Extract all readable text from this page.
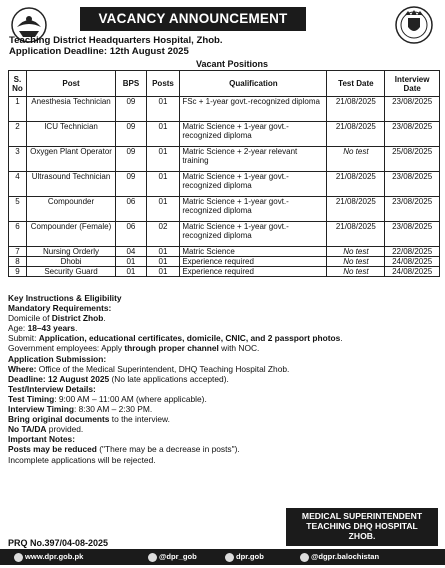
VACANCY ANNOUNCEMENT
Teaching District Headquarters Hospital, Zhob.
Application Deadline: 12th August 2025
Vacant Positions
S.
No	Post	BPS	Posts	Qualification	Test Date	Interview Date
1	Anesthesia Technician	09	01	FSc + 1-year govt.-recognized diploma	21/08/2025	23/08/2025
2	ICU Technician	09	01	Matric Science + 1-year govt.-recognized diploma	21/08/2025	23/08/2025
3	Oxygen Plant Operator	09	01	Matric Science + 2-year relevant training	No test	25/08/2025
4	Ultrasound Technician	09	01	Matric Science + 1-year govt.-recognized diploma	21/08/2025	23/08/2025
5	Compounder	06	01	Matric Science + 1-year govt.-recognized diploma	21/08/2025	23/08/2025
6	Compounder (Female)	06	02	Matric Science + 1-year govt.-recognized diploma	21/08/2025	23/08/2025
7	Nursing Orderly	04	01	Matric Science	No test	22/08/2025
8	Dhobi	01	01	Experience required	No test	24/08/2025
9	Security Guard	01	01	Experience required	No test	24/08/2025
Key Instructions & Eligibility
Mandatory Requirements:
Domicile of District Zhob.
Age: 18–43 years.
Submit: Application, educational certificates, domicile, CNIC, and 2 passport photos.
Government employees: Apply through proper channel with NOC.
Application Submission:
Where: Office of the Medical Superintendent, DHQ Teaching Hospital Zhob.
Deadline: 12 August 2025 (No late applications accepted).
Test/Interview Details:
Test Timing: 9:00 AM – 11:00 AM (where applicable).
Interview Timing: 8:30 AM – 2:30 PM.
Bring original documents to the interview.
No TA/DA provided.
Important Notes:
Posts may be reduced ("There may be a decrease in posts").
Incomplete applications will be rejected.
MEDICAL SUPERINTENDENT
TEACHING DHQ HOSPITAL
ZHOB.
PRQ No.397/04-08-2025
www.dpr.gob.pk	@dpr_gob	dpr.gob	@dgpr.balochistan
